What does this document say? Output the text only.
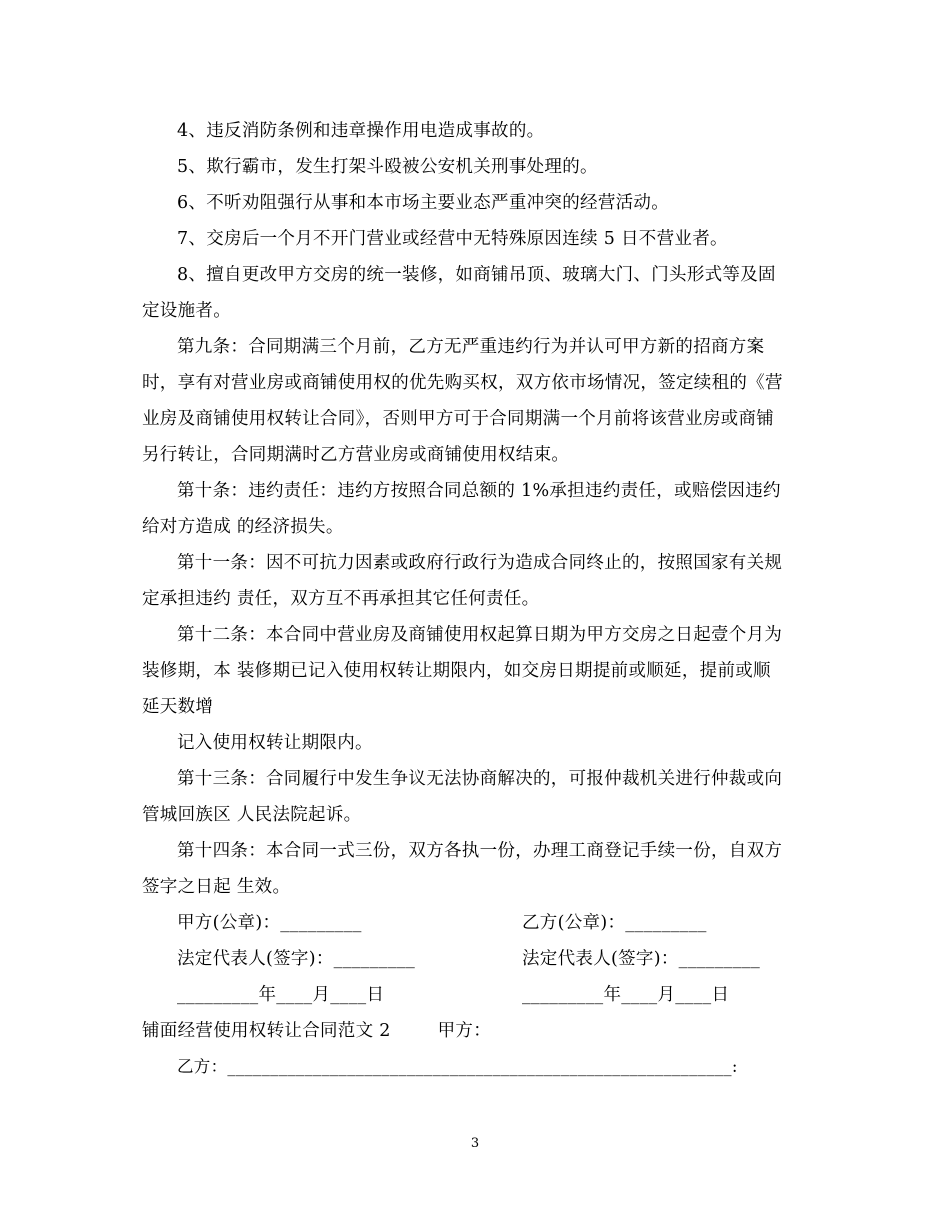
4、违反消防条例和违章操作用电造成事故的。
5、欺行霸市，发生打架斗殴被公安机关刑事处理的。
6、不听劝阻强行从事和本市场主要业态严重冲突的经营活动。
7、交房后一个月不开门营业或经营中无特殊原因连续 5 日不营业者。
8、擅自更改甲方交房的统一装修，如商铺吊顶、玻璃大门、门头形式等及固
定设施者。
第九条：合同期满三个月前，乙方无严重违约行为并认可甲方新的招商方案
时，享有对营业房或商铺使用权的优先购买权，双方依市场情况，签定续租的《营
业房及商铺使用权转让合同》，否则甲方可于合同期满一个月前将该营业房或商铺
另行转让，合同期满时乙方营业房或商铺使用权结束。
第十条：违约责任：违约方按照合同总额的 1%承担违约责任，或赔偿因违约
给对方造成 的经济损失。
第十一条：因不可抗力因素或政府行政行为造成合同终止的，按照国家有关规
定承担违约 责任，双方互不再承担其它任何责任。
第十二条：本合同中营业房及商铺使用权起算日期为甲方交房之日起壹个月为
装修期，本 装修期已记入使用权转让期限内，如交房日期提前或顺延，提前或顺
延天数增
记入使用权转让期限内。
第十三条：合同履行中发生争议无法协商解决的，可报仲裁机关进行仲裁或向
管城回族区 人民法院起诉。
第十四条：本合同一式三份，双方各执一份，办理工商登记手续一份，自双方
签字之日起 生效。
甲方(公章)：_________	乙方(公章)：_________
法定代表人(签字)：_________	法定代表人(签字)：_________
_________年____月____日	_________年____月____日
铺面经营使用权转让合同范文 2        甲方：
乙方：___________________________________________________________:
3
